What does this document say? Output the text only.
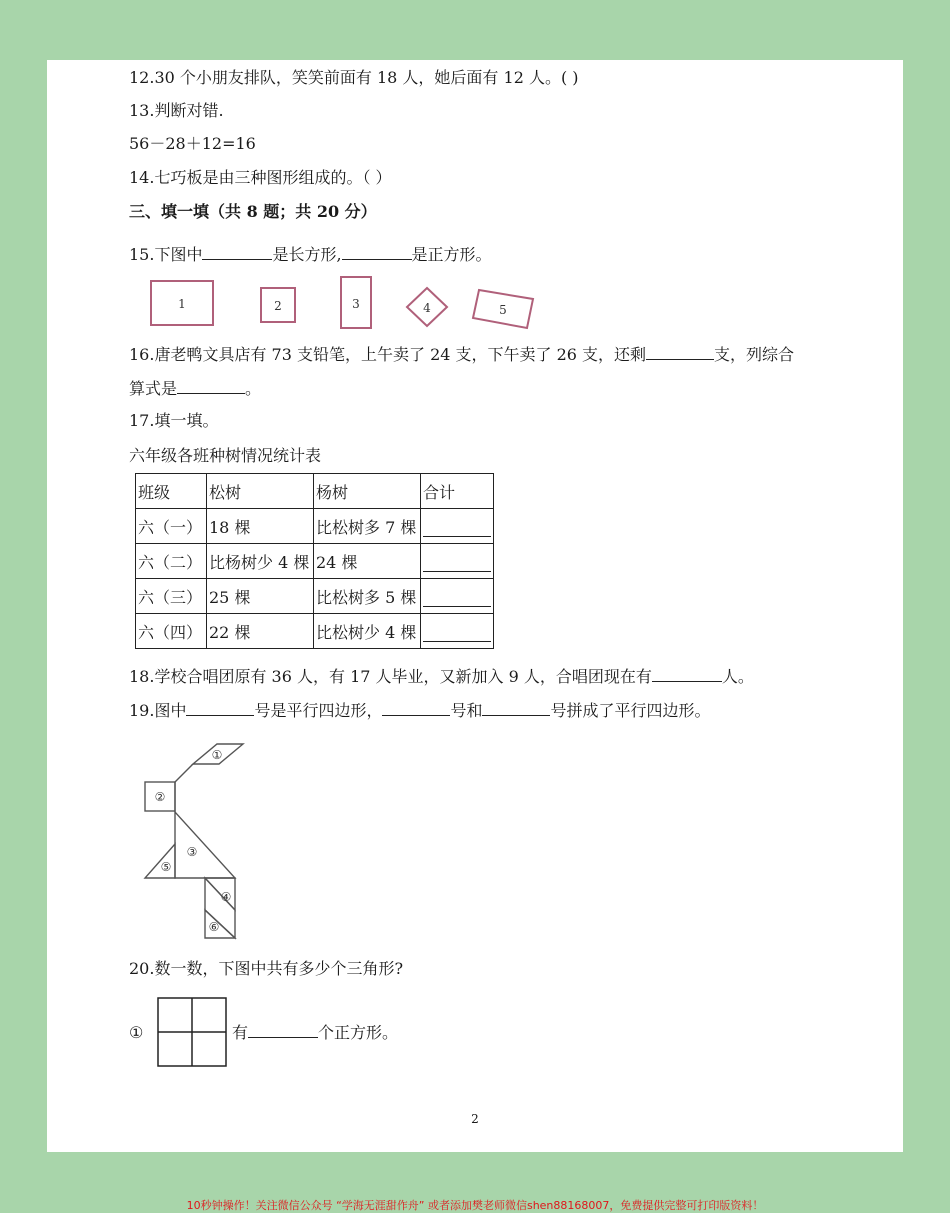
12.30 个小朋友排队，笑笑前面有 18 人，她后面有 12 人。( )
13.判断对错.
56－28＋12=16
14.七巧板是由三种图形组成的。（ ）
三、填一填（共 8 题；共 20 分）
15.下图中	是长方形,	是正方形。
1	2	3	4	5
16.唐老鸭文具店有 73 支铅笔，上午卖了 24 支，下午卖了 26 支，还剩	支，列综合
算式是	。
17.填一填。
六年级各班种树情况统计表
班级	松树	杨树	合计
六（一）	18 棵	比松树多 7 棵	

六（二）	比杨树少 4 棵	24 棵	

六（三）	25 棵	比松树多 5 棵	

六（四）	22 棵	比松树少 4 棵	
18.学校合唱团原有 36 人，有 17 人毕业，又新加入 9 人，合唱团现在有	人。
19.图中	号是平行四边形，	号和	号拼成了平行四边形。
①
②
③
④
⑤
⑥
20.数一数，下图中共有多少个三角形?
①	有	个正方形。
2
10秒钟操作！关注微信公众号 “学海无涯甜作舟” 或者添加樊老师微信shen88168007，免费提供完整可打印版资料！
